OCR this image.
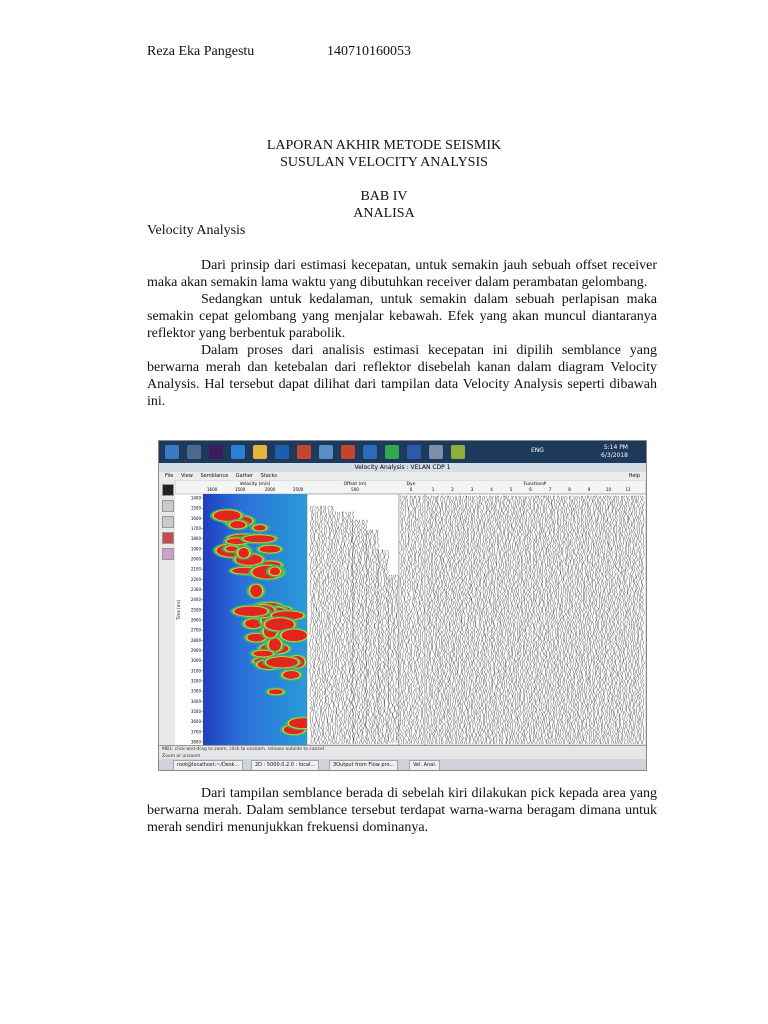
Reza Eka Pangestu	140710160053
LAPORAN AKHIR METODE SEISMIK
SUSULAN VELOCITY ANALYSIS
BAB IV
ANALISA
Velocity Analysis

Dari prinsip dari estimasi kecepatan, untuk semakin jauh sebuah offset receiver maka akan semakin lama waktu yang dibutuhkan receiver dalam perambatan gelombang.

Sedangkan untuk kedalaman, untuk semakin dalam sebuah perlapisan maka semakin cepat gelombang yang menjalar kebawah. Efek yang akan muncul diantaranya reflektor yang berbentuk parabolik.

Dalam proses dari analisis estimasi kecepatan ini dipilih semblance yang berwarna merah dan ketebalan dari reflektor disebelah kanan dalam diagram Velocity Analysis. Hal tersebut dapat dilihat dari tampilan data Velocity Analysis seperti dibawah ini.

ENG	5:14 PM
6/3/2018
Velocity Analysis : VELAN CDP 1
File View Semblance Gather Stacks	Help
Velocity (m/s)
1600	1500	2000	2500
Offset (m)
500
Dyn
0
Function#
1	2	3	4	5	6	7	8	9	10	11
Time (ms)
1400
1500
1600
1700
1800
1900
2000
2100
2200
2300
2400
2500
2600
2700
2800
2900
3000
3100
3200
3300
3400
3500
3600
3700
3800
MB1: click-and-drag to zoom, click to unzoom, release outside to cancel
Zoom or unzoom
root@localhost:~/Desk...	2D : 5000.0.2.0 : local...	3Output from Flow pro...	Vel. Anal.

Dari tampilan semblance berada di sebelah kiri dilakukan pick kepada area yang berwarna merah. Dalam semblance tersebut terdapat warna-warna beragam dimana untuk merah sendiri menunjukkan frekuensi dominanya.
